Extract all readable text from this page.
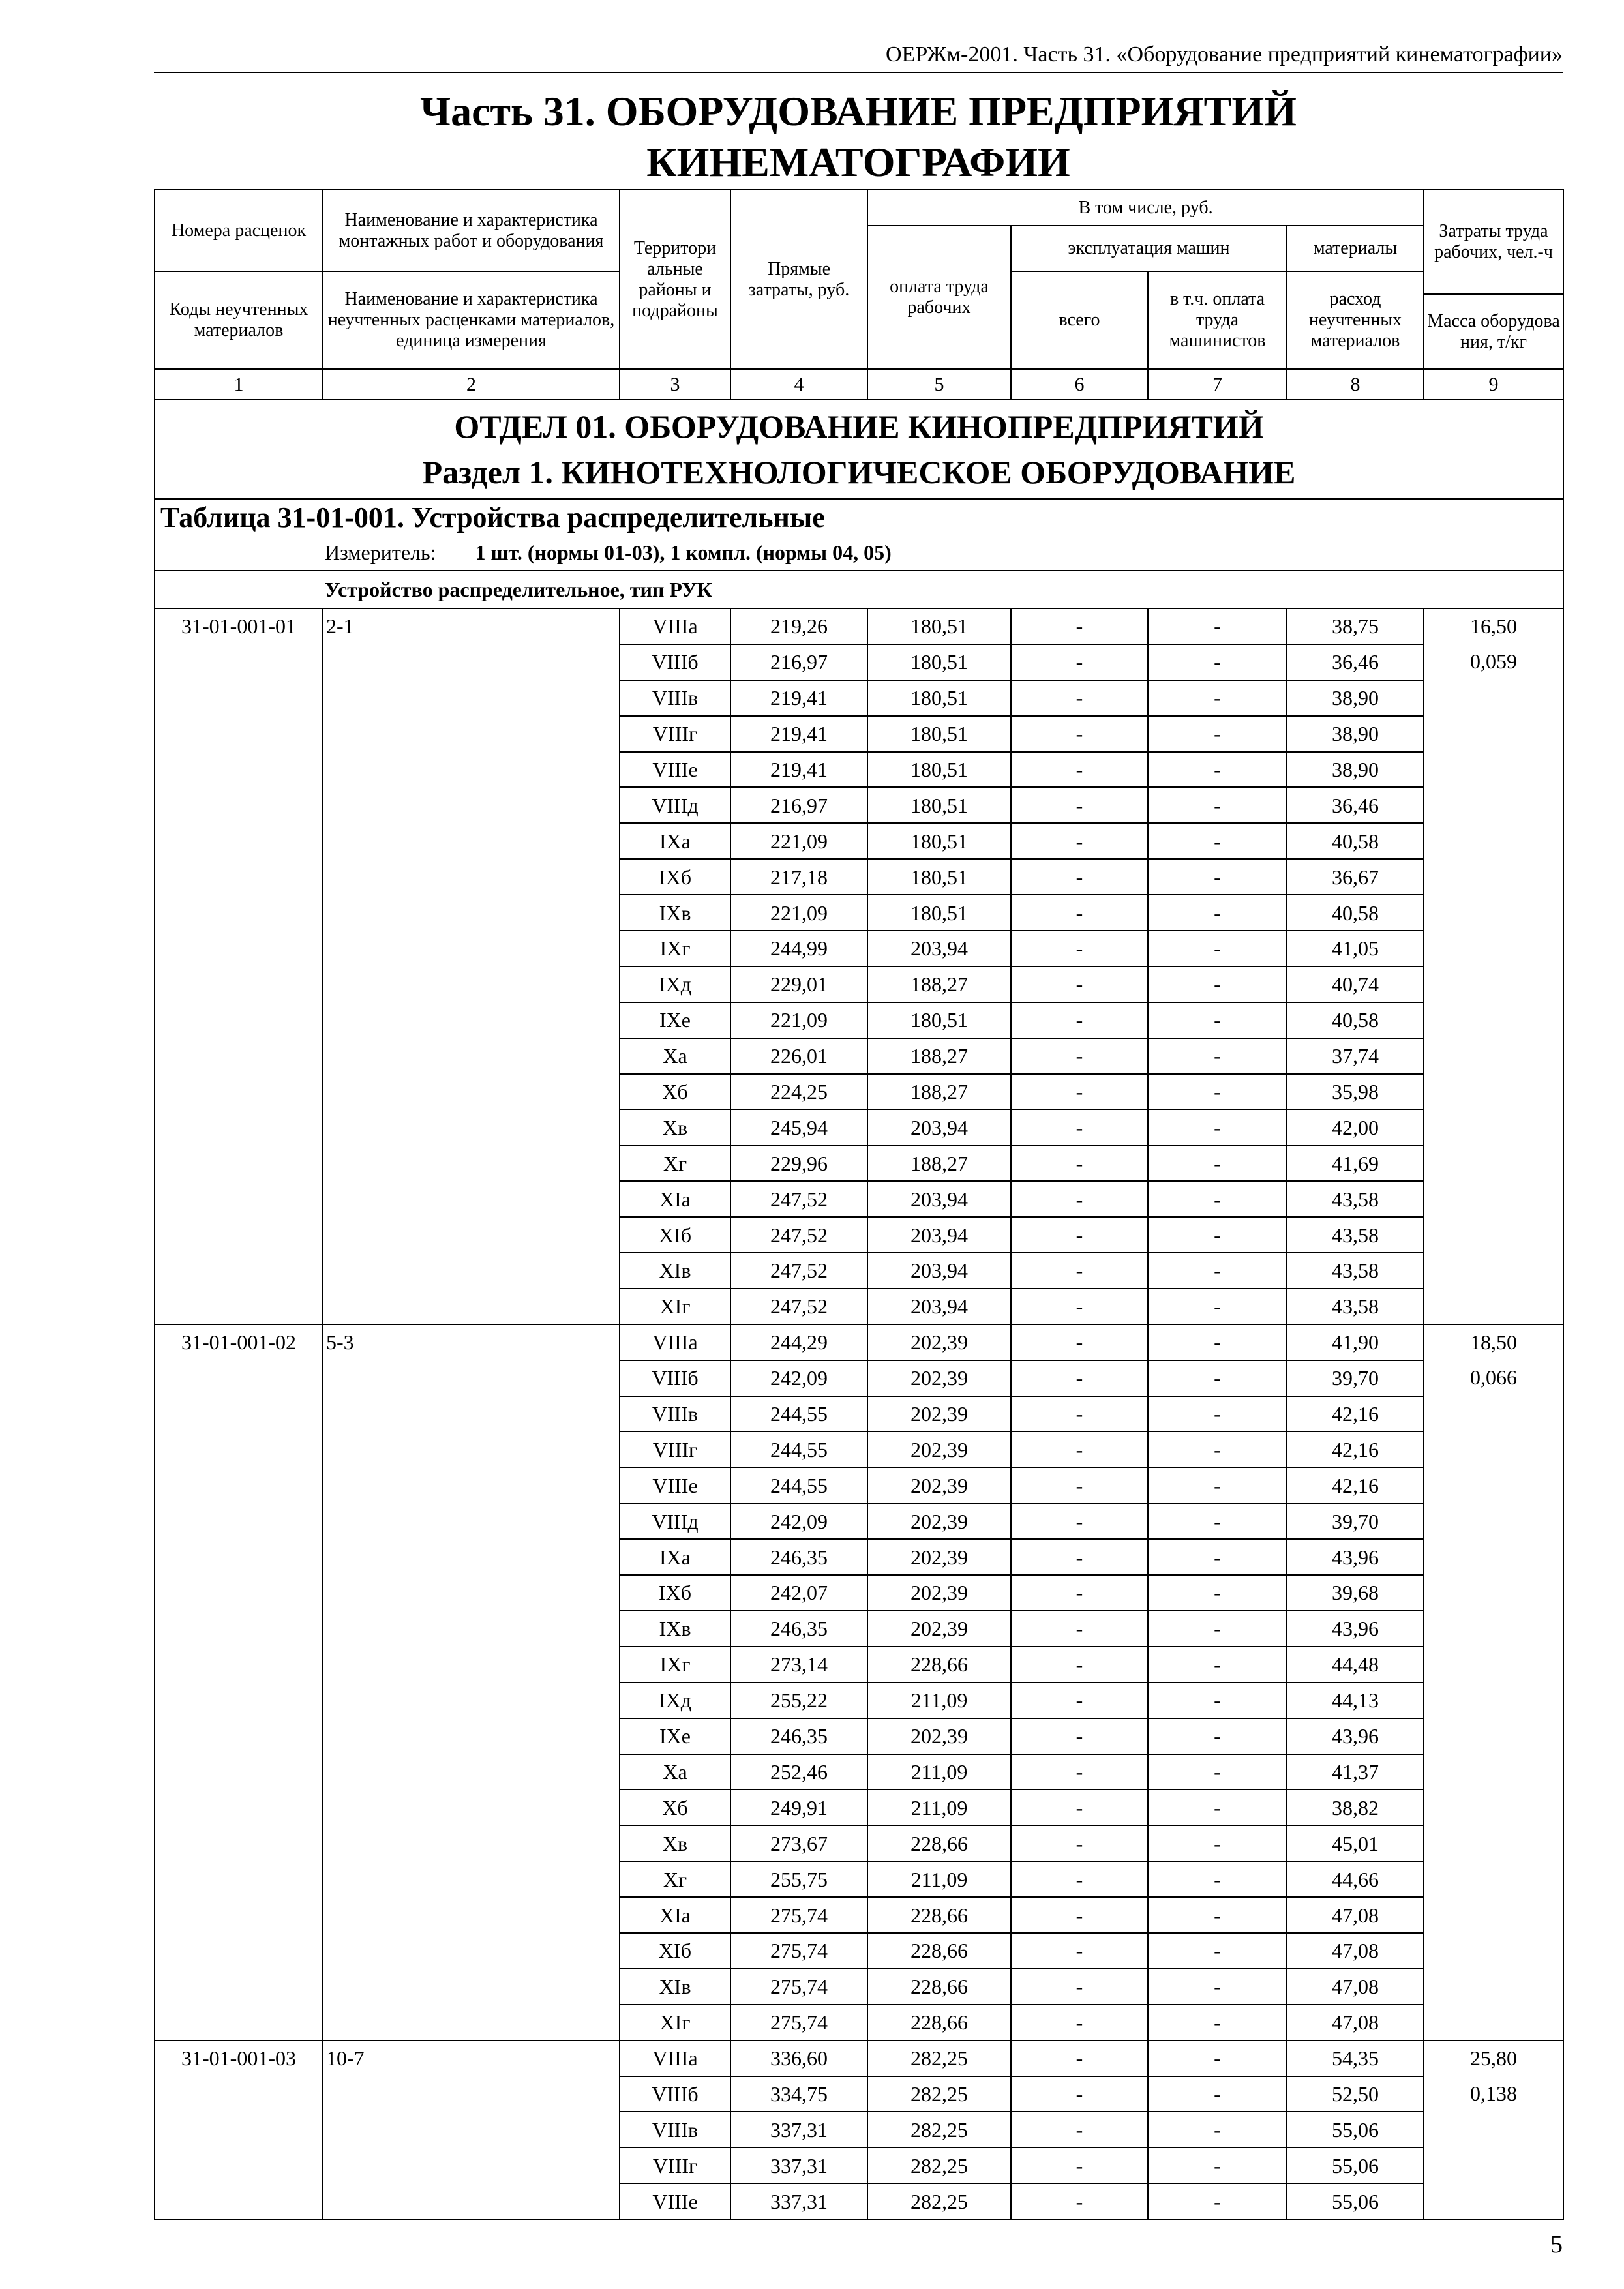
ОЕРЖм-2001. Часть 31. «Оборудование предприятий кинематографии»
Часть 31. ОБОРУДОВАНИЕ ПРЕДПРИЯТИЙ
КИНЕМАТОГРАФИИ
Номера расценок	Наименование и характеристика монтажных работ и оборудования	Территори альные районы и подрайоны	Прямые затраты, руб.	В том числе, руб.				Затраты труда рабочих, чел.-ч
				оплата труда рабочих	эксплуатация машин		материалы	
Коды неучтенных материалов	Наименование и характеристика неучтенных расценками материалов, единица измерения				всего	в т.ч. оплата труда машинистов	расход неучтенных материалов	
								Масса оборудова ния, т/кг
1	2	3	4	5	6	7	8	9

ОТДЕЛ 01. ОБОРУДОВАНИЕ КИНОПРЕДПРИЯТИЙ
Раздел 1. КИНОТЕХНОЛОГИЧЕСКОЕ ОБОРУДОВАНИЕ								

Таблица 31-01-001. Устройства распределительные								
Измеритель: 1 шт. (нормы 01-03), 1 компл. (нормы 04, 05)								
Устройство распределительное, тип РУК								
31-01-001-01	2-1	VIIIа	219,26	180,51	-	-	38,75	16,50
		VIIIб	216,97	180,51	-	-	36,46	0,059
		VIIIв	219,41	180,51	-	-	38,90	
		VIIIг	219,41	180,51	-	-	38,90	
		VIIIе	219,41	180,51	-	-	38,90	
		VIIIд	216,97	180,51	-	-	36,46	
		IXа	221,09	180,51	-	-	40,58	
		IXб	217,18	180,51	-	-	36,67	
		IXв	221,09	180,51	-	-	40,58	
		IXг	244,99	203,94	-	-	41,05	
		IXд	229,01	188,27	-	-	40,74	
		IXе	221,09	180,51	-	-	40,58	
		Xа	226,01	188,27	-	-	37,74	
		Xб	224,25	188,27	-	-	35,98	
		Xв	245,94	203,94	-	-	42,00	
		Xг	229,96	188,27	-	-	41,69	
		XIа	247,52	203,94	-	-	43,58	
		XIб	247,52	203,94	-	-	43,58	
		XIв	247,52	203,94	-	-	43,58	
		XIг	247,52	203,94	-	-	43,58	
31-01-001-02	5-3	VIIIа	244,29	202,39	-	-	41,90	18,50
		VIIIб	242,09	202,39	-	-	39,70	0,066
		VIIIв	244,55	202,39	-	-	42,16	
		VIIIг	244,55	202,39	-	-	42,16	
		VIIIе	244,55	202,39	-	-	42,16	
		VIIIд	242,09	202,39	-	-	39,70	
		IXа	246,35	202,39	-	-	43,96	
		IXб	242,07	202,39	-	-	39,68	
		IXв	246,35	202,39	-	-	43,96	
		IXг	273,14	228,66	-	-	44,48	
		IXд	255,22	211,09	-	-	44,13	
		IXе	246,35	202,39	-	-	43,96	
		Xа	252,46	211,09	-	-	41,37	
		Xб	249,91	211,09	-	-	38,82	
		Xв	273,67	228,66	-	-	45,01	
		Xг	255,75	211,09	-	-	44,66	
		XIа	275,74	228,66	-	-	47,08	
		XIб	275,74	228,66	-	-	47,08	
		XIв	275,74	228,66	-	-	47,08	
		XIг	275,74	228,66	-	-	47,08	
31-01-001-03	10-7	VIIIа	336,60	282,25	-	-	54,35	25,80
		VIIIб	334,75	282,25	-	-	52,50	0,138
		VIIIв	337,31	282,25	-	-	55,06	
		VIIIг	337,31	282,25	-	-	55,06	
		VIIIе	337,31	282,25	-	-	55,06	
5
